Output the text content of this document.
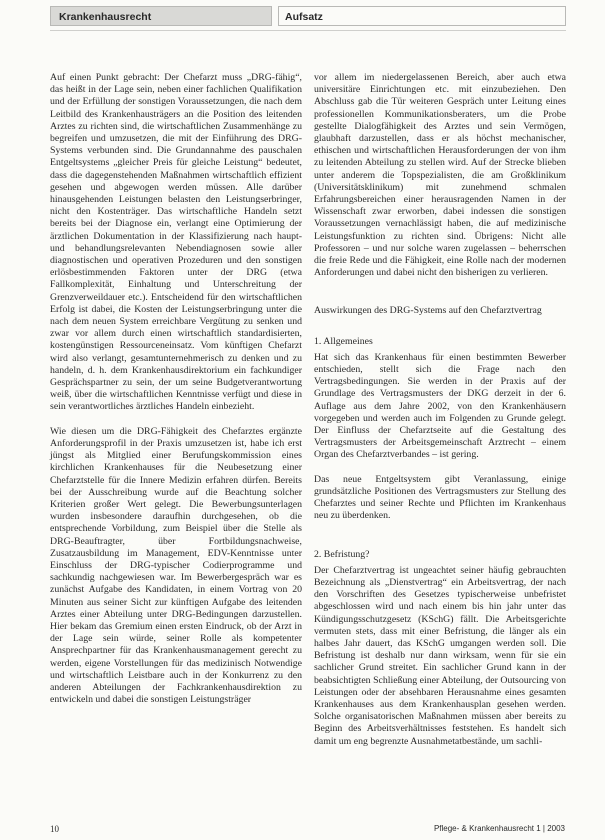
Krankenhausrecht	Aufsatz

Auf einen Punkt gebracht: Der Chefarzt muss „DRG-fähig“, das heißt in der Lage sein, neben einer fachlichen Qualifikation und der Erfüllung der sonstigen Voraussetzungen, die nach dem Leitbild des Krankenhausträgers an die Position des leitenden Arztes zu richten sind, die wirtschaftlichen Zusammenhänge zu begreifen und umzusetzen, die mit der Einführung des DRG-Systems verbunden sind. Die Grundannahme des pauschalen Entgeltsystems „gleicher Preis für gleiche Leistung“ bedeutet, dass die dagegenstehenden Maßnahmen wirtschaftlich effizient gesehen und abgewogen werden müssen. Alle darüber hinausgehenden Leistungen belasten den Leistungserbringer, nicht den Kostenträger. Das wirtschaftliche Handeln setzt bereits bei der Diagnose ein, verlangt eine Optimierung der ärztlichen Dokumentation in der Klassifizierung nach haupt- und behandlungsrelevanten Nebendiagnosen sowie aller diagnostischen und operativen Prozeduren und den sonstigen erlösbestimmenden Faktoren unter der DRG (etwa Fallkomplexität, Einhaltung und Unterschreitung der Grenzverweildauer etc.). Entscheidend für den wirtschaftlichen Erfolg ist dabei, die Kosten der Leistungserbringung unter die nach dem neuen System erreichbare Vergütung zu senken und zwar vor allem durch einen wirtschaftlich standardisierten, kostengünstigen Ressourceneinsatz. Vom künftigen Chefarzt wird also verlangt, gesamtunternehmerisch zu denken und zu handeln, d. h. dem Krankenhausdirektorium ein fachkundiger Gesprächspartner zu sein, der um seine Budgetverantwortung weiß, über die wirtschaftlichen Kenntnisse verfügt und diese in sein verantwortliches ärztliches Handeln einbezieht.

Wie diesen um die DRG-Fähigkeit des Chefarztes ergänzte Anforderungsprofil in der Praxis umzusetzen ist, habe ich erst jüngst als Mitglied einer Berufungskommission eines kirchlichen Krankenhauses für die Neubesetzung einer Chefarztstelle für die Innere Medizin erfahren dürfen. Bereits bei der Ausschreibung wurde auf die Beachtung solcher Kriterien großer Wert gelegt. Die Bewerbungsunterlagen wurden insbesondere daraufhin durchgesehen, ob die entsprechende Vorbildung, zum Beispiel über die Stelle als DRG-Beauftragter, über Fortbildungsnachweise, Zusatzausbildung im Management, EDV-Kenntnisse unter Einschluss der DRG-typischer Codierprogramme und sachkundig nachgewiesen war. Im Bewerbergespräch war es zunächst Aufgabe des Kandidaten, in einem Vortrag von 20 Minuten aus seiner Sicht zur künftigen Aufgabe des leitenden Arztes einer Abteilung unter DRG-Bedingungen darzustellen. Hier bekam das Gremium einen ersten Eindruck, ob der Arzt in der Lage sein würde, seiner Rolle als kompetenter Ansprechpartner für das Krankenhausmanagement gerecht zu werden, eigene Vorstellungen für das medizinisch Notwendige und wirtschaftlich Leistbare auch in der Konkurrenz zu den anderen Abteilungen der Fachkrankenhausdirektion zu entwickeln und dabei die sonstigen Leistungsträger

vor allem im niedergelassenen Bereich, aber auch etwa universitäre Einrichtungen etc. mit einzubeziehen. Den Abschluss gab die Tür weiteren Gespräch unter Leitung eines professionellen Kommunikationsberaters, um die Probe gestellte Dialogfähigkeit des Arztes und sein Vermögen, glaubhaft darzustellen, dass er als höchst mechanischer, ethischen und wirtschaftlichen Herausforderungen der von ihm zu leitenden Abteilung zu stellen wird. Auf der Strecke blieben unter anderem die Topspezialisten, die am Großklinikum (Universitätsklinikum) mit zunehmend schmalen Erfahrungsbereichen einer herausragenden Namen in der Wissenschaft zwar erworben, dabei indessen die sonstigen Voraussetzungen vernachlässigt haben, die auf medizinische Leistungsfunktion zu richten sind. Übrigens: Nicht alle Professoren – und nur solche waren zugelassen – beherrschen die freie Rede und die Fähigkeit, eine Rolle nach der modernen Anforderungen und dabei nicht den bisherigen zu verlieren.

Auswirkungen des DRG-Systems auf den Chefarztvertrag
1. Allgemeines

Hat sich das Krankenhaus für einen bestimmten Bewerber entschieden, stellt sich die Frage nach den Vertragsbedingungen. Sie werden in der Praxis auf der Grundlage des Vertragsmusters der DKG derzeit in der 6. Auflage aus dem Jahre 2002, von den Krankenhäusern vorgegeben und werden auch im Folgenden zu Grunde gelegt. Der Einfluss der Chefarztseite auf die Gestaltung des Vertragsmusters der Arbeitsgemeinschaft Arztrecht – einem Organ des Chefarztverbandes – ist gering.

Das neue Entgeltsystem gibt Veranlassung, einige grundsätzliche Positionen des Vertragsmusters zur Stellung des Chefarztes und seiner Rechte und Pflichten im Krankenhaus neu zu überdenken.

2. Befristung?

Der Chefarztvertrag ist ungeachtet seiner häufig gebrauchten Bezeichnung als „Dienstvertrag“ ein Arbeitsvertrag, der nach den Vorschriften des Gesetzes typischerweise unbefristet abgeschlossen wird und nach einem bis hin jahr unter das Kündigungsschutzgesetz (KSchG) fällt. Die Arbeitsgerichte vermuten stets, dass mit einer Befristung, die länger als ein halbes Jahr dauert, das KSchG umgangen werden soll. Die Befristung ist deshalb nur dann wirksam, wenn für sie ein sachlicher Grund streitet. Ein sachlicher Grund kann in der beabsichtigten Schließung einer Abteilung, der Outsourcing von Leistungen oder der absehbaren Herausnahme eines gesamten Krankenhauses aus dem Krankenhausplan gesehen werden. Solche organisatorischen Maßnahmen müssen aber bereits zu Beginn des Arbeitsverhältnisses feststehen. Es handelt sich damit um eng begrenzte Ausnahmetatbestände, um sachli-

10	Pflege- & Krankenhausrecht 1 | 2003
